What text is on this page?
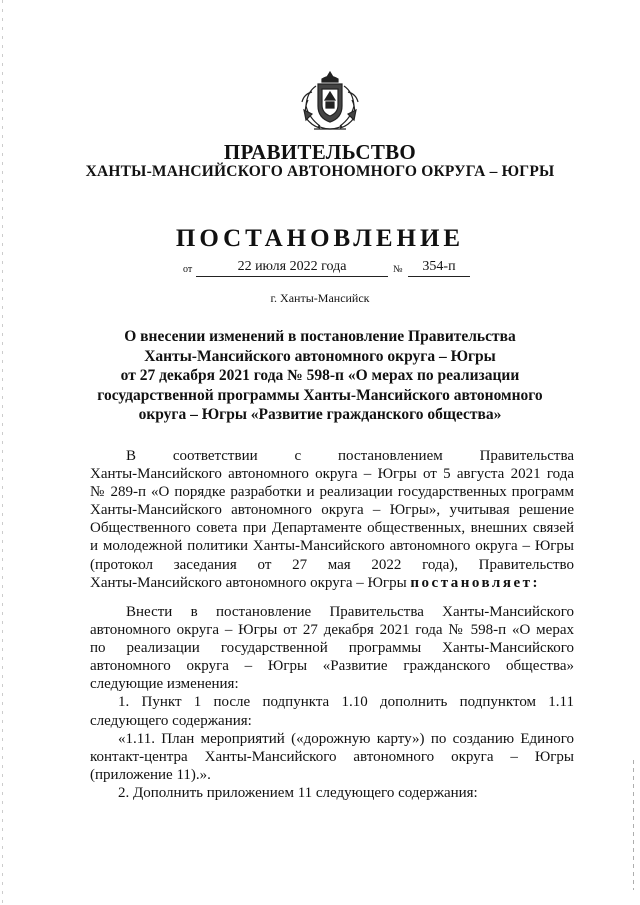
ПРАВИТЕЛЬСТВО
ХАНТЫ-МАНСИЙСКОГО АВТОНОМНОГО ОКРУГА – ЮГРЫ
ПОСТАНОВЛЕНИЕ
от	22 июля 2022 года	№	354-п
г. Ханты-Мансийск
О внесении изменений в постановление Правительства
Ханты-Мансийского автономного округа – Югры
от 27 декабря 2021 года № 598-п «О мерах по реализации
государственной программы Ханты-Мансийского автономного
округа – Югры «Развитие гражданского общества»
В соответствии с постановлением Правительства
Ханты-Мансийского автономного округа – Югры от 5 августа 2021 года
№ 289-п «О порядке разработки и реализации государственных программ
Ханты-Мансийского автономного округа – Югры», учитывая решение
Общественного совета при Департаменте общественных, внешних связей
и молодежной политики Ханты-Мансийского автономного округа – Югры
(протокол заседания от 27 мая 2022 года), Правительство
Ханты-Мансийского автономного округа – Югры постановляет:
Внести в постановление Правительства Ханты-Мансийского
автономного округа – Югры от 27 декабря 2021 года № 598-п «О мерах
по реализации государственной программы Ханты-Мансийского
автономного округа – Югры «Развитие гражданского общества»
следующие изменения:
1. Пункт 1 после подпункта 1.10 дополнить подпунктом 1.11
следующего содержания:
«1.11. План мероприятий («дорожную карту») по созданию Единого
контакт-центра Ханты-Мансийского автономного округа – Югры
(приложение 11).».
2. Дополнить приложением 11 следующего содержания:
